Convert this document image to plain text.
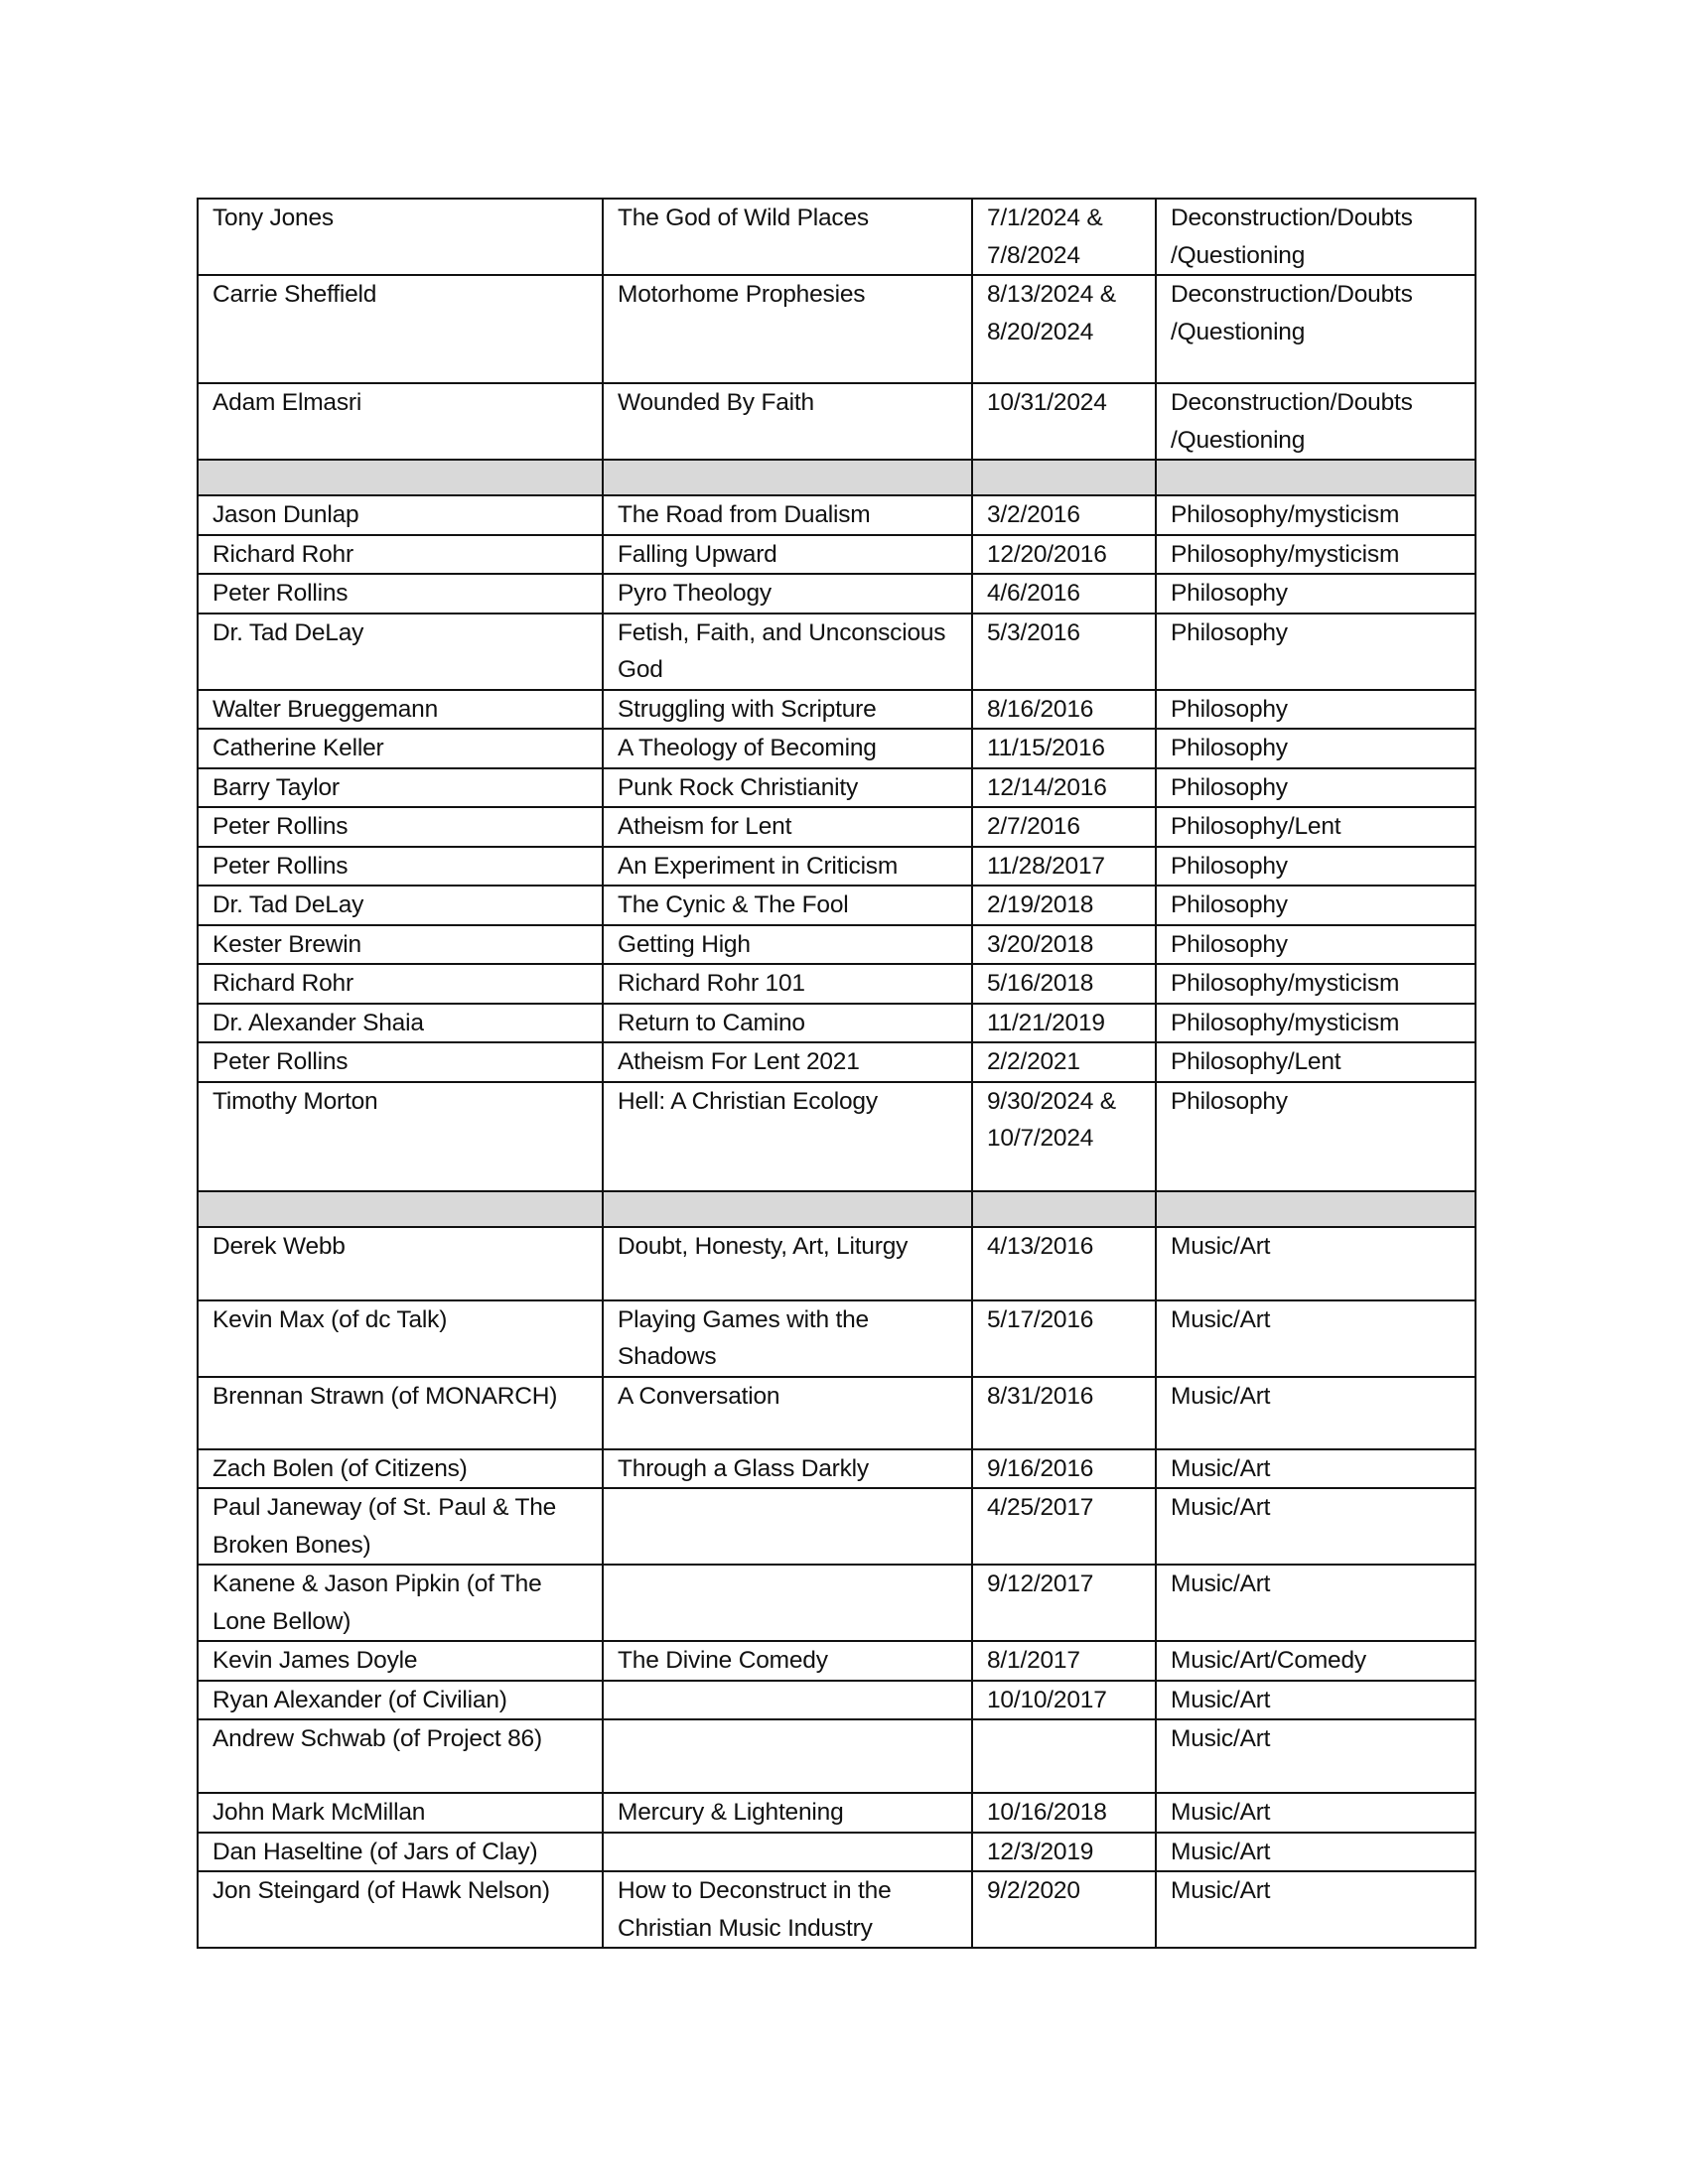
Tony Jones	The God of Wild Places	7/1/2024 & 7/8/2024	Deconstruction/Doubts /Questioning
Carrie Sheffield	Motorhome Prophesies	8/13/2024 & 8/20/2024	Deconstruction/Doubts /Questioning
Adam Elmasri	Wounded By Faith	10/31/2024	Deconstruction/Doubts /Questioning

Jason Dunlap	The Road from Dualism	3/2/2016	Philosophy/mysticism
Richard Rohr	Falling Upward	12/20/2016	Philosophy/mysticism
Peter Rollins	Pyro Theology	4/6/2016	Philosophy
Dr. Tad DeLay	Fetish, Faith, and Unconscious God	5/3/2016	Philosophy
Walter Brueggemann	Struggling with Scripture	8/16/2016	Philosophy
Catherine Keller	A Theology of Becoming	11/15/2016	Philosophy
Barry Taylor	Punk Rock Christianity	12/14/2016	Philosophy
Peter Rollins	Atheism for Lent	2/7/2016	Philosophy/Lent
Peter Rollins	An Experiment in Criticism	11/28/2017	Philosophy
Dr. Tad DeLay	The Cynic & The Fool	2/19/2018	Philosophy
Kester Brewin	Getting High	3/20/2018	Philosophy
Richard Rohr	Richard Rohr 101	5/16/2018	Philosophy/mysticism
Dr. Alexander Shaia	Return to Camino	11/21/2019	Philosophy/mysticism
Peter Rollins	Atheism For Lent 2021	2/2/2021	Philosophy/Lent
Timothy Morton	Hell: A Christian Ecology	9/30/2024 & 10/7/2024	Philosophy

Derek Webb	Doubt, Honesty, Art, Liturgy	4/13/2016	Music/Art
Kevin Max (of dc Talk)	Playing Games with the Shadows	5/17/2016	Music/Art
Brennan Strawn (of MONARCH)	A Conversation	8/31/2016	Music/Art
Zach Bolen (of Citizens)	Through a Glass Darkly	9/16/2016	Music/Art
Paul Janeway (of St. Paul & The Broken Bones)		4/25/2017	Music/Art
Kanene & Jason Pipkin (of The Lone Bellow)		9/12/2017	Music/Art
Kevin James Doyle	The Divine Comedy	8/1/2017	Music/Art/Comedy
Ryan Alexander (of Civilian)		10/10/2017	Music/Art
Andrew Schwab (of Project 86)			Music/Art
John Mark McMillan	Mercury & Lightening	10/16/2018	Music/Art
Dan Haseltine (of Jars of Clay)		12/3/2019	Music/Art
Jon Steingard (of Hawk Nelson)	How to Deconstruct in the Christian Music Industry	9/2/2020	Music/Art
